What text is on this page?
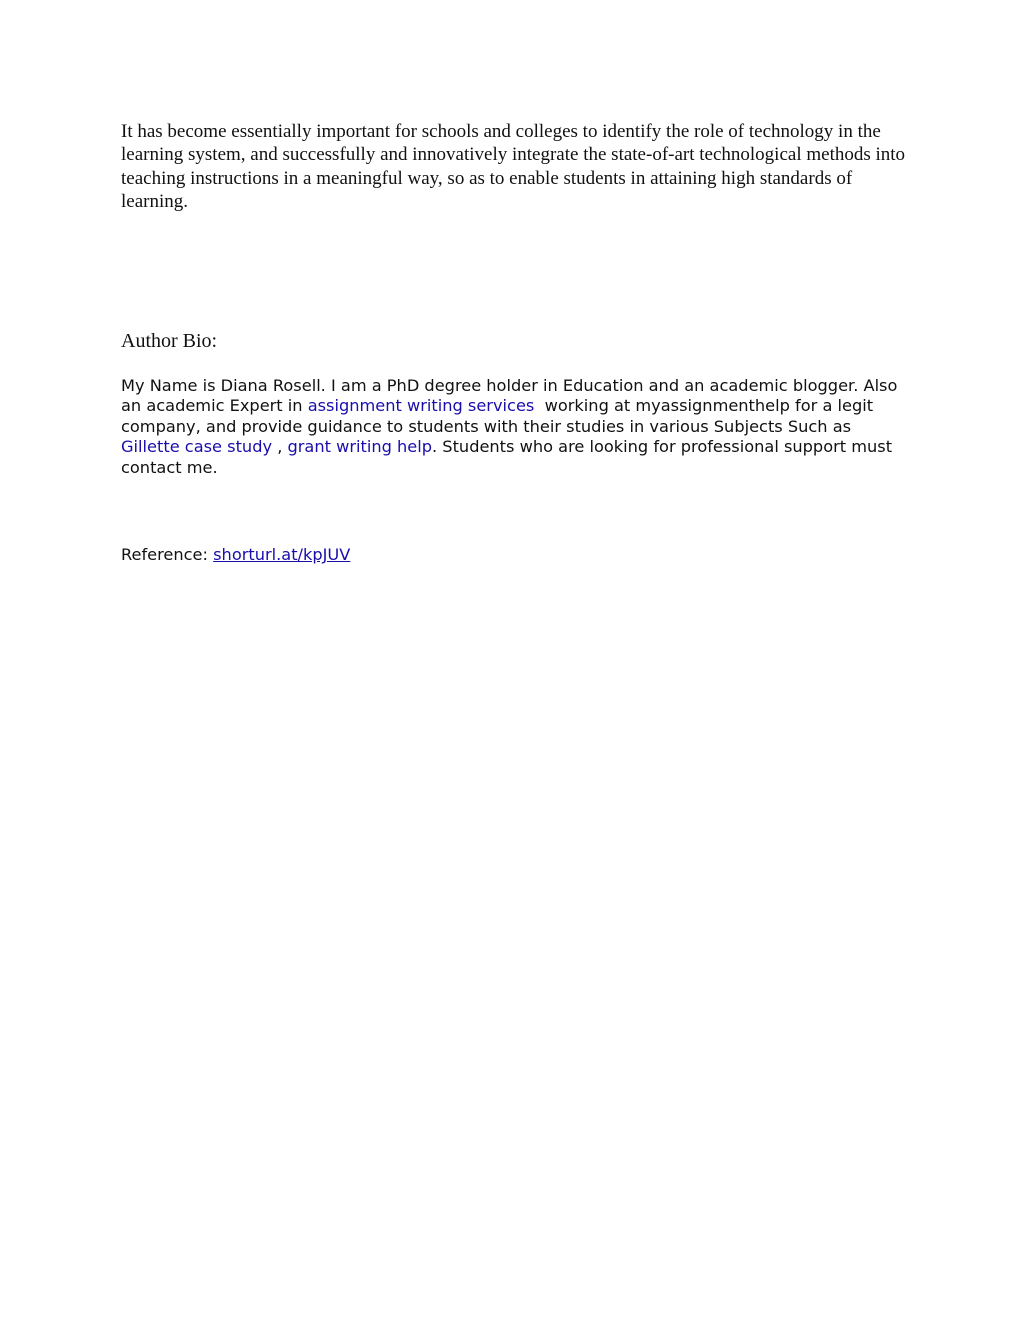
It has become essentially important for schools and colleges to identify the role of technology in the learning system, and successfully and innovatively integrate the state-of-art technological methods into teaching instructions in a meaningful way, so as to enable students in attaining high standards of learning.

Author Bio:

My Name is Diana Rosell. I am a PhD degree holder in Education and an academic blogger. Also an academic Expert in assignment writing services  working at myassignmenthelp for a legit company, and provide guidance to students with their studies in various Subjects Such as Gillette case study , grant writing help. Students who are looking for professional support must contact me.

Reference: shorturl.at/kpJUV
